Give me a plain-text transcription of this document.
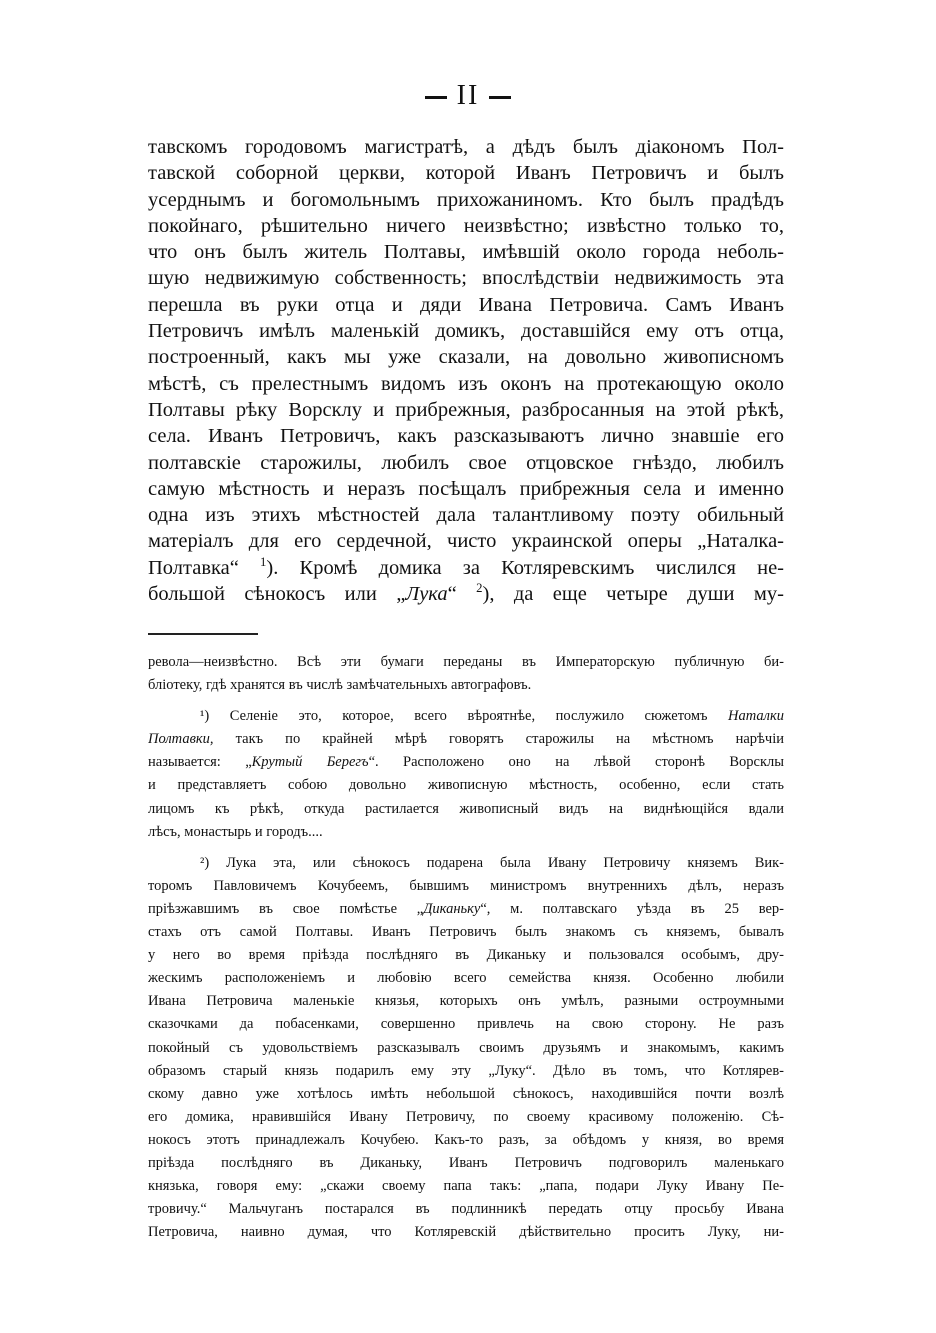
II
тавскомъ городовомъ магистратѣ, а дѣдъ былъ діакономъ Пол-
тавской соборной церкви, которой Иванъ Петровичъ и былъ
усерднымъ и богомольнымъ прихожаниномъ. Кто былъ прадѣдъ
покойнаго, рѣшительно ничего неизвѣстно; извѣстно только то,
что онъ былъ житель Полтавы, имѣвшій около города неболь-
шую недвижимую собственность; впослѣдствіи недвижимость эта
перешла въ руки отца и дяди Ивана Петровича. Самъ Иванъ
Петровичъ имѣлъ маленькій домикъ, доставшійся ему отъ отца,
построенный, какъ мы уже сказали, на довольно живописномъ
мѣстѣ, съ прелестнымъ видомъ изъ оконъ на протекающую около
Полтавы рѣку Ворсклу и прибрежныя, разбросанныя на этой рѣкѣ,
села. Иванъ Петровичъ, какъ разсказываютъ лично знавшіе его
полтавскіе старожилы, любилъ свое отцовское гнѣздо, любилъ
самую мѣстность и неразъ посѣщалъ прибрежныя села и именно
одна изъ этихъ мѣстностей дала талантливому поэту обильный
матеріалъ для его сердечной, чисто украинской оперы „Наталка-
Полтавка“ $^1$). Кромѣ домика за Котляревскимъ числился не-
большой сѣнокосъ или „Лука“ $^2$), да еще четыре души му-
револа—неизвѣстно. Всѣ эти бумаги переданы въ Императорскую публичную би-
бліотеку, гдѣ хранятся въ числѣ замѣчательныхъ автографовъ.
¹) Селеніе это, которое, всего вѣроятнѣе, послужило сюжетомъ Наталки
Полтавки, такъ по крайней мѣрѣ говорятъ старожилы на мѣстномъ нарѣчіи
называется: „Крутый Берегъ“. Расположено оно на лѣвой сторонѣ Ворсклы
и представляетъ собою довольно живописную мѣстность, особенно, если стать
лицомъ къ рѣкѣ, откуда растилается живописный видъ на виднѣющійся вдали
лѣсъ, монастырь и городъ....
²) Лука эта, или сѣнокосъ подарена была Ивану Петровичу княземъ Вик-
торомъ Павловичемъ Кочубеемъ, бывшимъ министромъ внутреннихъ дѣлъ, неразъ
пріѣзжавшимъ въ свое помѣстье „Диканьку“, м. полтавскаго уѣзда въ 25 вер-
стахъ отъ самой Полтавы. Иванъ Петровичъ былъ знакомъ съ княземъ, бывалъ
у него во время пріѣзда послѣдняго въ Диканьку и пользовался особымъ, дру-
жескимъ расположеніемъ и любовію всего семейства князя. Особенно любили
Ивана Петровича маленькіе князья, которыхъ онъ умѣлъ, разными остроумными
сказочками да побасенками, совершенно привлечь на свою сторону. Не разъ
покойный съ удовольствіемъ разсказывалъ своимъ друзьямъ и знакомымъ, какимъ
образомъ старый князь подарилъ ему эту „Луку“. Дѣло въ томъ, что Котлярев-
скому давно уже хотѣлось имѣть небольшой сѣнокосъ, находившійся почти возлѣ
его домика, нравившійся Ивану Петровичу, по своему красивому положенію. Сѣ-
нокосъ этотъ принадлежалъ Кочубею. Какъ-то разъ, за обѣдомъ у князя, во время
пріѣзда послѣдняго въ Диканьку, Иванъ Петровичъ подговорилъ маленькаго
князька, говоря ему: „скажи своему папа такъ: „папа, подари Луку Ивану Пе-
тровичу.“ Мальчуганъ постарался въ подлинникѣ передать отцу просьбу Ивана
Петровича, наивно думая, что Котляревскій дѣйствительно проситъ Луку, ни-
